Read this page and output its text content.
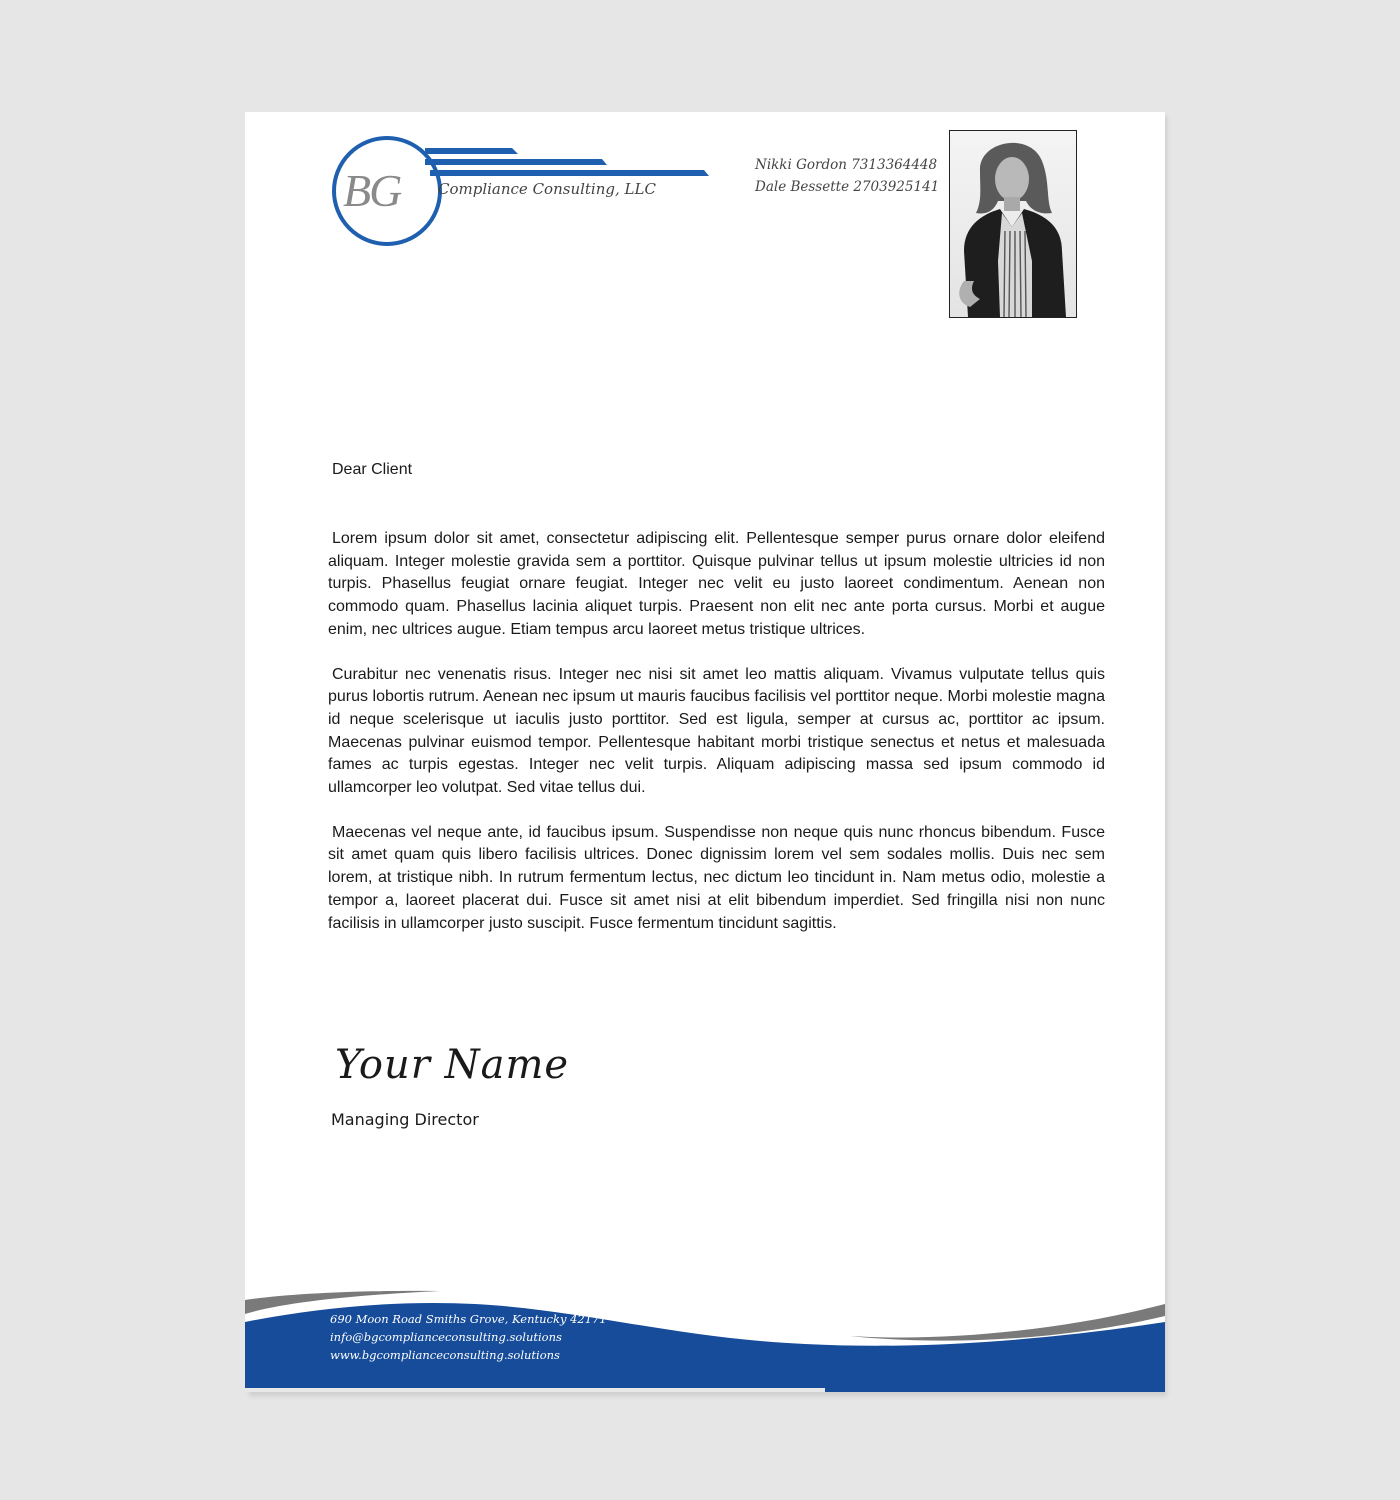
BG	Compliance Consulting, LLC
Nikki Gordon 7313364448
Dale Bessette 2703925141
Dear Client

Lorem ipsum dolor sit amet, consectetur adipiscing elit. Pellentesque semper purus ornare dolor eleifend aliquam. Integer molestie gravida sem a porttitor. Quisque pulvinar tellus ut ipsum molestie ultricies id non turpis. Phasellus feugiat ornare feugiat. Integer nec velit eu justo laoreet condimentum. Aenean non commodo quam. Phasellus lacinia aliquet turpis. Praesent non elit nec ante porta cursus. Morbi et augue enim, nec ultrices augue. Etiam tempus arcu laoreet metus tristique ultrices.

Curabitur nec venenatis risus. Integer nec nisi sit amet leo mattis aliquam. Vivamus vulputate tellus quis purus lobortis rutrum. Aenean nec ipsum ut mauris faucibus facilisis vel porttitor neque. Morbi molestie magna id neque scelerisque ut iaculis justo porttitor. Sed est ligula, semper at cursus ac, porttitor ac ipsum. Maecenas pulvinar euismod tempor. Pellentesque habitant morbi tristique senectus et netus et malesuada fames ac turpis egestas. Integer nec velit turpis. Aliquam adipiscing massa sed ipsum commodo id ullamcorper leo volutpat. Sed vitae tellus dui.

Maecenas vel neque ante, id faucibus ipsum. Suspendisse non neque quis nunc rhoncus bibendum. Fusce sit amet quam quis libero facilisis ultrices. Donec dignissim lorem vel sem sodales mollis. Duis nec sem lorem, at tristique nibh. In rutrum fermentum lectus, nec dictum leo tincidunt in. Nam metus odio, molestie a tempor a, laoreet placerat dui. Fusce sit amet nisi at elit bibendum imperdiet. Sed fringilla nisi non nunc facilisis in ullamcorper justo suscipit. Fusce fermentum tincidunt sagittis.

Your Name
Managing Director
690 Moon Road Smiths Grove, Kentucky 42171
info@bgcomplianceconsulting.solutions
www.bgcomplianceconsulting.solutions
